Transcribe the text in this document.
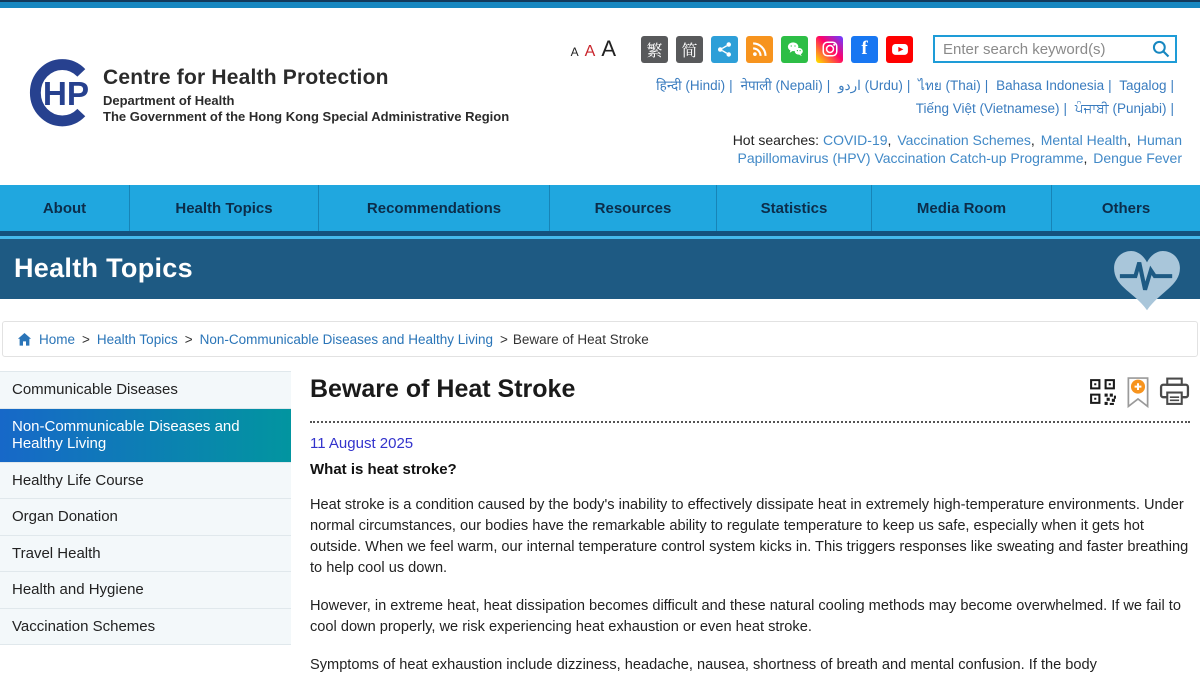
HP Centre for Health Protection
Department of Health
The Government of the Hong Kong Special Administrative Region
A A A	繁	简	f
Enter search keyword(s)
हिन्दी (Hindi) | नेपाली (Nepali) | اردو (Urdu) | ไทย (Thai) | Bahasa Indonesia | Tagalog |
Tiếng Việt (Vietnamese) | ਪੰਜਾਬੀ (Punjabi) |
Hot searches: COVID-19, Vaccination Schemes, Mental Health, Human Papillomavirus (HPV) Vaccination Catch-up Programme, Dengue Fever
About	Health Topics	Recommendations	Resources	Statistics	Media Room	Others
Health Topics
Home > Health Topics > Non-Communicable Diseases and Healthy Living > Beware of Heat Stroke
Communicable Diseases
Non-Communicable Diseases and Healthy Living
Healthy Life Course
Organ Donation
Travel Health
Health and Hygiene
Vaccination Schemes
Beware of Heat Stroke
11 August 2025
What is heat stroke?

Heat stroke is a condition caused by the body's inability to effectively dissipate heat in extremely high-temperature environments. Under normal circumstances, our bodies have the remarkable ability to regulate temperature to keep us safe, especially when it gets hot outside. When we feel warm, our internal temperature control system kicks in. This triggers responses like sweating and faster breathing to help cool us down.

However, in extreme heat, heat dissipation becomes difficult and these natural cooling methods may become overwhelmed. If we fail to cool down properly, we risk experiencing heat exhaustion or even heat stroke.

Symptoms of heat exhaustion include dizziness, headache, nausea, shortness of breath and mental confusion. If the body
